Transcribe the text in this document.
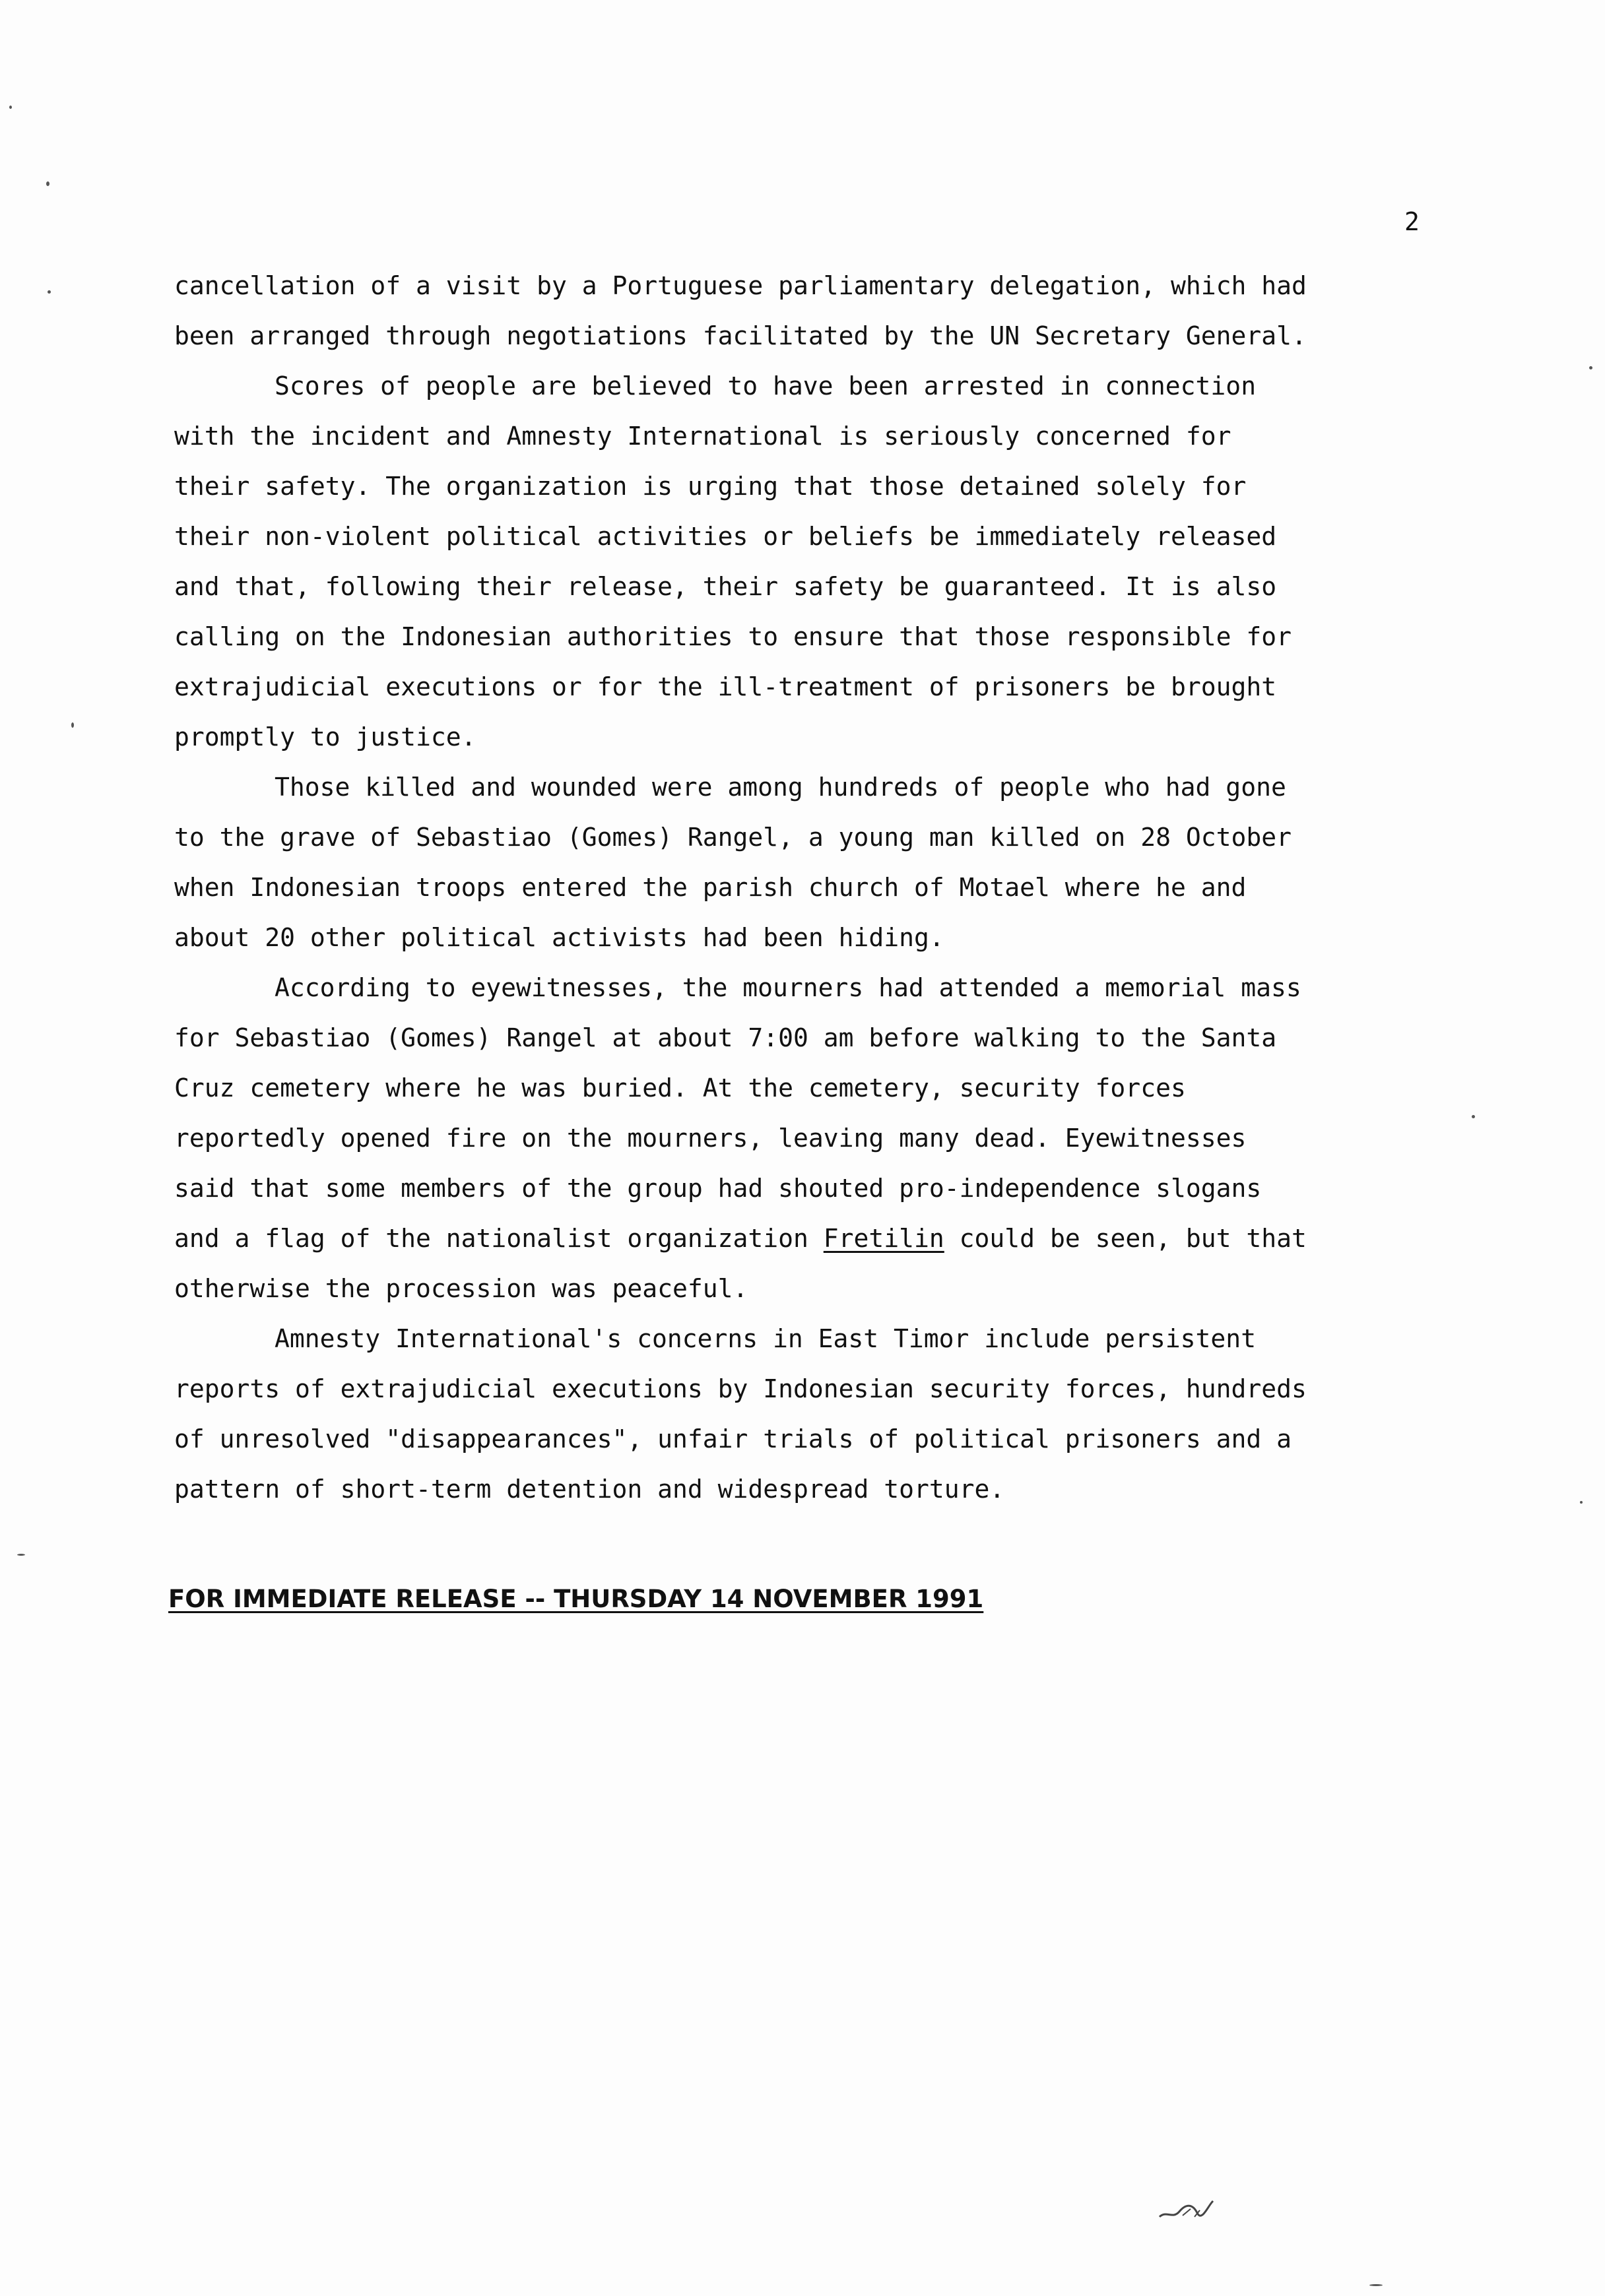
2
cancellation of a visit by a Portuguese parliamentary delegation, which had
been arranged through negotiations facilitated by the UN Secretary General.
Scores of people are believed to have been arrested in connection
with the incident and Amnesty International is seriously concerned for
their safety. The organization is urging that those detained solely for
their non-violent political activities or beliefs be immediately released
and that, following their release, their safety be guaranteed. It is also
calling on the Indonesian authorities to ensure that those responsible for
extrajudicial executions or for the ill-treatment of prisoners be brought
promptly to justice.
Those killed and wounded were among hundreds of people who had gone
to the grave of Sebastiao (Gomes) Rangel, a young man killed on 28 October
when Indonesian troops entered the parish church of Motael where he and
about 20 other political activists had been hiding.
According to eyewitnesses, the mourners had attended a memorial mass
for Sebastiao (Gomes) Rangel at about 7:00 am before walking to the Santa
Cruz cemetery where he was buried. At the cemetery, security forces
reportedly opened fire on the mourners, leaving many dead. Eyewitnesses
said that some members of the group had shouted pro-independence slogans
and a flag of the nationalist organization Fretilin could be seen, but that
otherwise the procession was peaceful.
Amnesty International's concerns in East Timor include persistent
reports of extrajudicial executions by Indonesian security forces, hundreds
of unresolved "disappearances", unfair trials of political prisoners and a
pattern of short-term detention and widespread torture.
FOR IMMEDIATE RELEASE -- THURSDAY 14 NOVEMBER 1991
